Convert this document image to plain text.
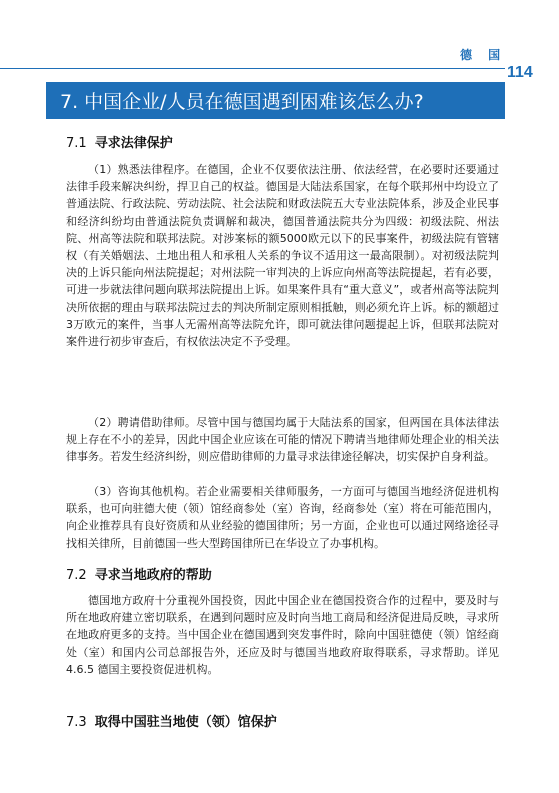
德 国
114
7. 中国企业/人员在德国遇到困难该怎么办?
7.1 寻求法律保护

（1）熟悉法律程序。在德国，企业不仅要依法注册、依法经营，在必要时还要通过法律手段来解决纠纷，捍卫自己的权益。德国是大陆法系国家，在每个联邦州中均设立了普通法院、行政法院、劳动法院、社会法院和财政法院五大专业法院体系，涉及企业民事和经济纠纷均由普通法院负责调解和裁决，德国普通法院共分为四级：初级法院、州法院、州高等法院和联邦法院。对涉案标的额5000欧元以下的民事案件，初级法院有管辖权（有关婚姻法、土地出租人和承租人关系的争议不适用这一最高限制）。对初级法院判决的上诉只能向州法院提起；对州法院一审判决的上诉应向州高等法院提起，若有必要，可进一步就法律问题向联邦法院提出上诉。如果案件具有“重大意义”，或者州高等法院判决所依据的理由与联邦法院过去的判决所制定原则相抵触，则必须允许上诉。标的额超过3万欧元的案件，当事人无需州高等法院允许，即可就法律问题提起上诉，但联邦法院对案件进行初步审查后，有权依法决定不予受理。

（2）聘请借助律师。尽管中国与德国均属于大陆法系的国家，但两国在具体法律法规上存在不小的差异，因此中国企业应该在可能的情况下聘请当地律师处理企业的相关法律事务。若发生经济纠纷，则应借助律师的力量寻求法律途径解决，切实保护自身利益。

（3）咨询其他机构。若企业需要相关律师服务，一方面可与德国当地经济促进机构联系，也可向驻德大使（领）馆经商参处（室）咨询，经商参处（室）将在可能范围内，向企业推荐具有良好资质和从业经验的德国律所；另一方面，企业也可以通过网络途径寻找相关律所，目前德国一些大型跨国律所已在华设立了办事机构。

7.2 寻求当地政府的帮助

德国地方政府十分重视外国投资，因此中国企业在德国投资合作的过程中，要及时与所在地政府建立密切联系，在遇到问题时应及时向当地工商局和经济促进局反映，寻求所在地政府更多的支持。当中国企业在德国遇到突发事件时，除向中国驻德使（领）馆经商处（室）和国内公司总部报告外，还应及时与德国当地政府取得联系，寻求帮助。详见4.6.5 德国主要投资促进机构。

7.3 取得中国驻当地使（领）馆保护
